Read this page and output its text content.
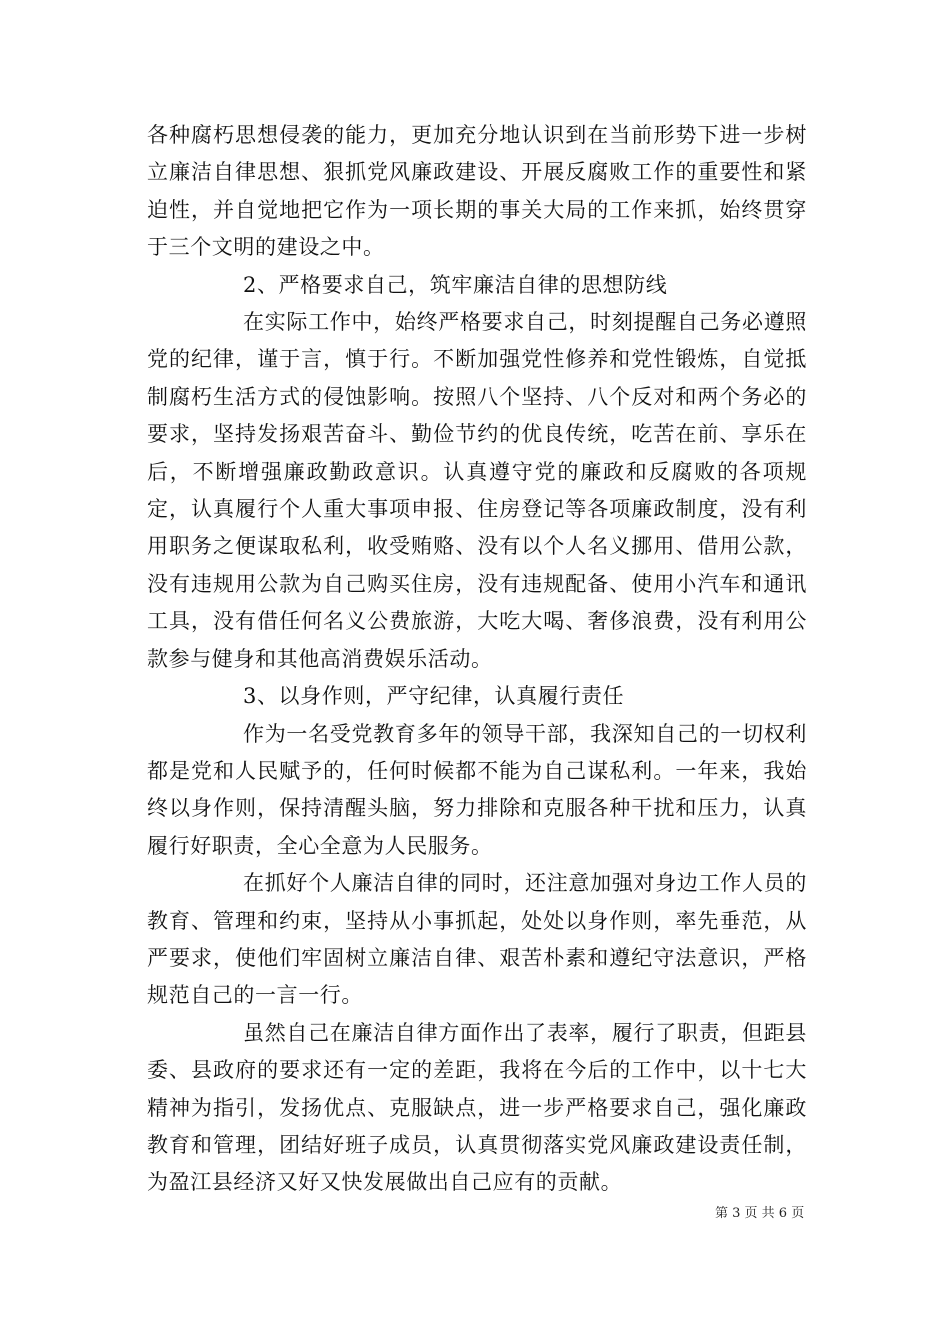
各种腐朽思想侵袭的能力，更加充分地认识到在当前形势下进一步树立廉洁自律思想、狠抓党风廉政建设、开展反腐败工作的重要性和紧迫性，并自觉地把它作为一项长期的事关大局的工作来抓，始终贯穿于三个文明的建设之中。

2、严格要求自己，筑牢廉洁自律的思想防线

在实际工作中，始终严格要求自己，时刻提醒自己务必遵照党的纪律，谨于言，慎于行。不断加强党性修养和党性锻炼，自觉抵制腐朽生活方式的侵蚀影响。按照八个坚持、八个反对和两个务必的要求，坚持发扬艰苦奋斗、勤俭节约的优良传统，吃苦在前、享乐在后，不断增强廉政勤政意识。认真遵守党的廉政和反腐败的各项规定，认真履行个人重大事项申报、住房登记等各项廉政制度，没有利用职务之便谋取私利，收受贿赂、没有以个人名义挪用、借用公款，没有违规用公款为自己购买住房，没有违规配备、使用小汽车和通讯工具，没有借任何名义公费旅游，大吃大喝、奢侈浪费，没有利用公款参与健身和其他高消费娱乐活动。

3、以身作则，严守纪律，认真履行责任

作为一名受党教育多年的领导干部，我深知自己的一切权利都是党和人民赋予的，任何时候都不能为自己谋私利。一年来，我始终以身作则，保持清醒头脑，努力排除和克服各种干扰和压力，认真履行好职责，全心全意为人民服务。

在抓好个人廉洁自律的同时，还注意加强对身边工作人员的教育、管理和约束，坚持从小事抓起，处处以身作则，率先垂范，从严要求，使他们牢固树立廉洁自律、艰苦朴素和遵纪守法意识，严格规范自己的一言一行。

虽然自己在廉洁自律方面作出了表率，履行了职责，但距县委、县政府的要求还有一定的差距，我将在今后的工作中，以十七大精神为指引，发扬优点、克服缺点，进一步严格要求自己，强化廉政教育和管理，团结好班子成员，认真贯彻落实党风廉政建设责任制，为盈江县经济又好又快发展做出自己应有的贡献。

第 3 页 共 6 页
